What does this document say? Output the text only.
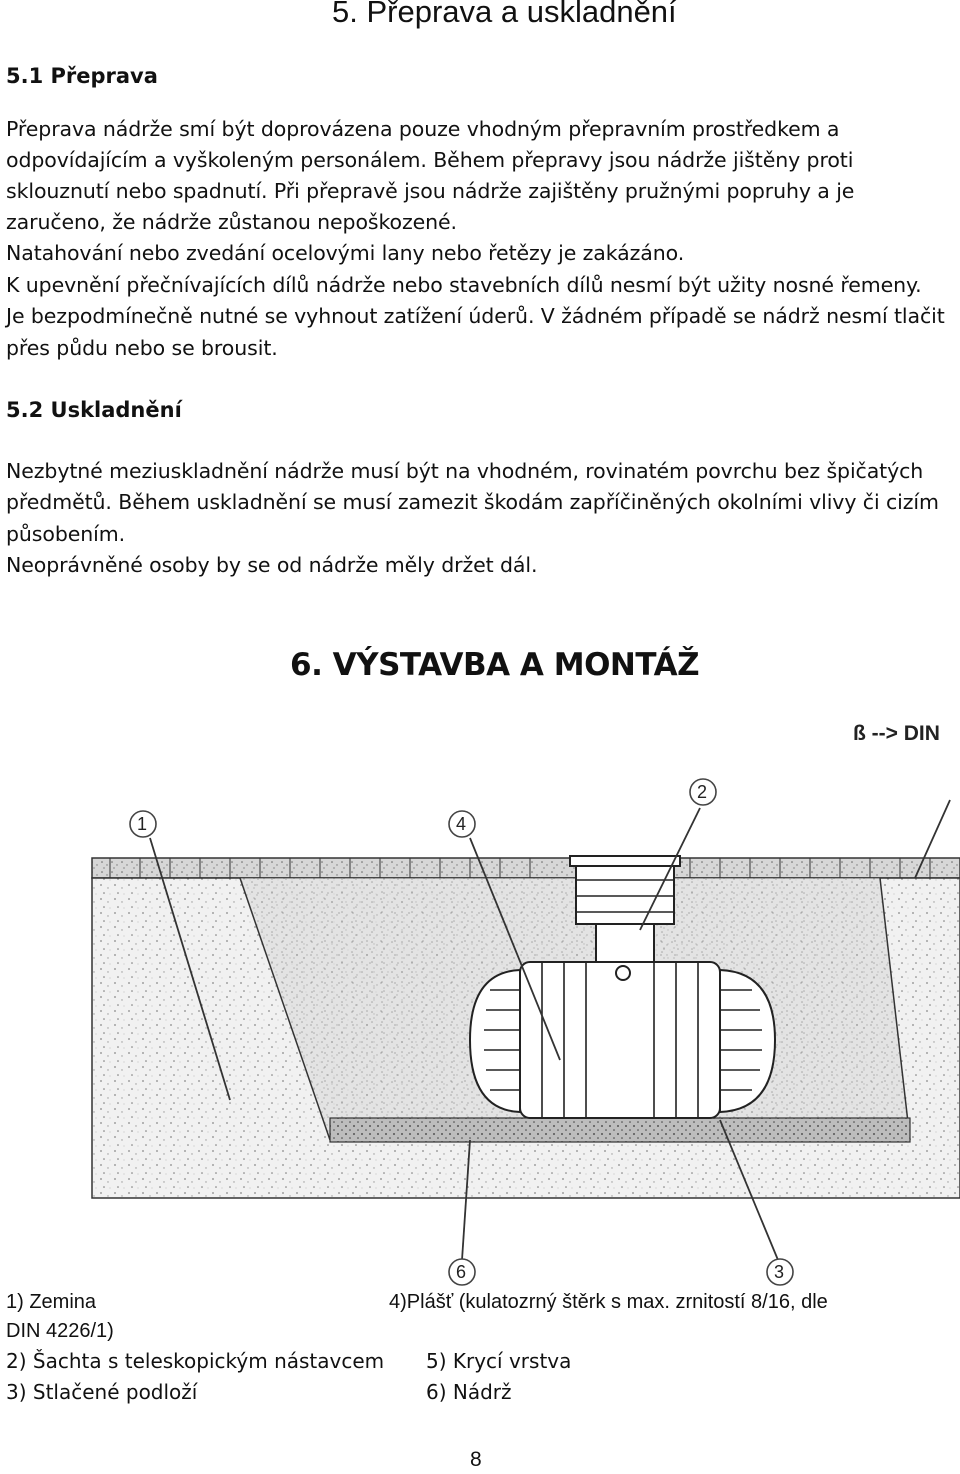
5. Přeprava a uskladnění
5.1 Přeprava
Přeprava nádrže smí být doprovázena pouze vhodným přepravním prostředkem a
odpovídajícím a vyškoleným personálem. Během přepravy jsou nádrže jištěny proti
sklouznutí nebo spadnutí. Při přepravě jsou nádrže zajištěny pružnými popruhy a je
zaručeno, že nádrže zůstanou nepoškozené.
Natahování nebo zvedání ocelovými lany nebo řetězy je zakázáno.
K upevnění přečnívajících dílů nádrže nebo stavebních dílů nesmí být užity nosné řemeny.
Je bezpodmínečně nutné se vyhnout zatížení úderů. V žádném případě se nádrž nesmí tlačit
přes půdu nebo se brousit.
5.2 Uskladnění
Nezbytné meziuskladnění nádrže musí být na vhodném, rovinatém povrchu bez špičatých
předmětů. Během uskladnění se musí zamezit škodám zapříčiněných okolními vlivy či cizím
působením.
Neoprávněné osoby by se od nádrže měly držet dál.
6. VÝSTAVBA A MONTÁŽ
ß --> DIN
1
2
3
4
6
1) Zemina	4)Plášť (kulatozrný štěrk s max. zrnitostí 8/16, dle
DIN 4226/1)
2) Šachta s teleskopickým nástavcem 5) Krycí vrstva
3) Stlačené podloží	6) Nádrž
8
